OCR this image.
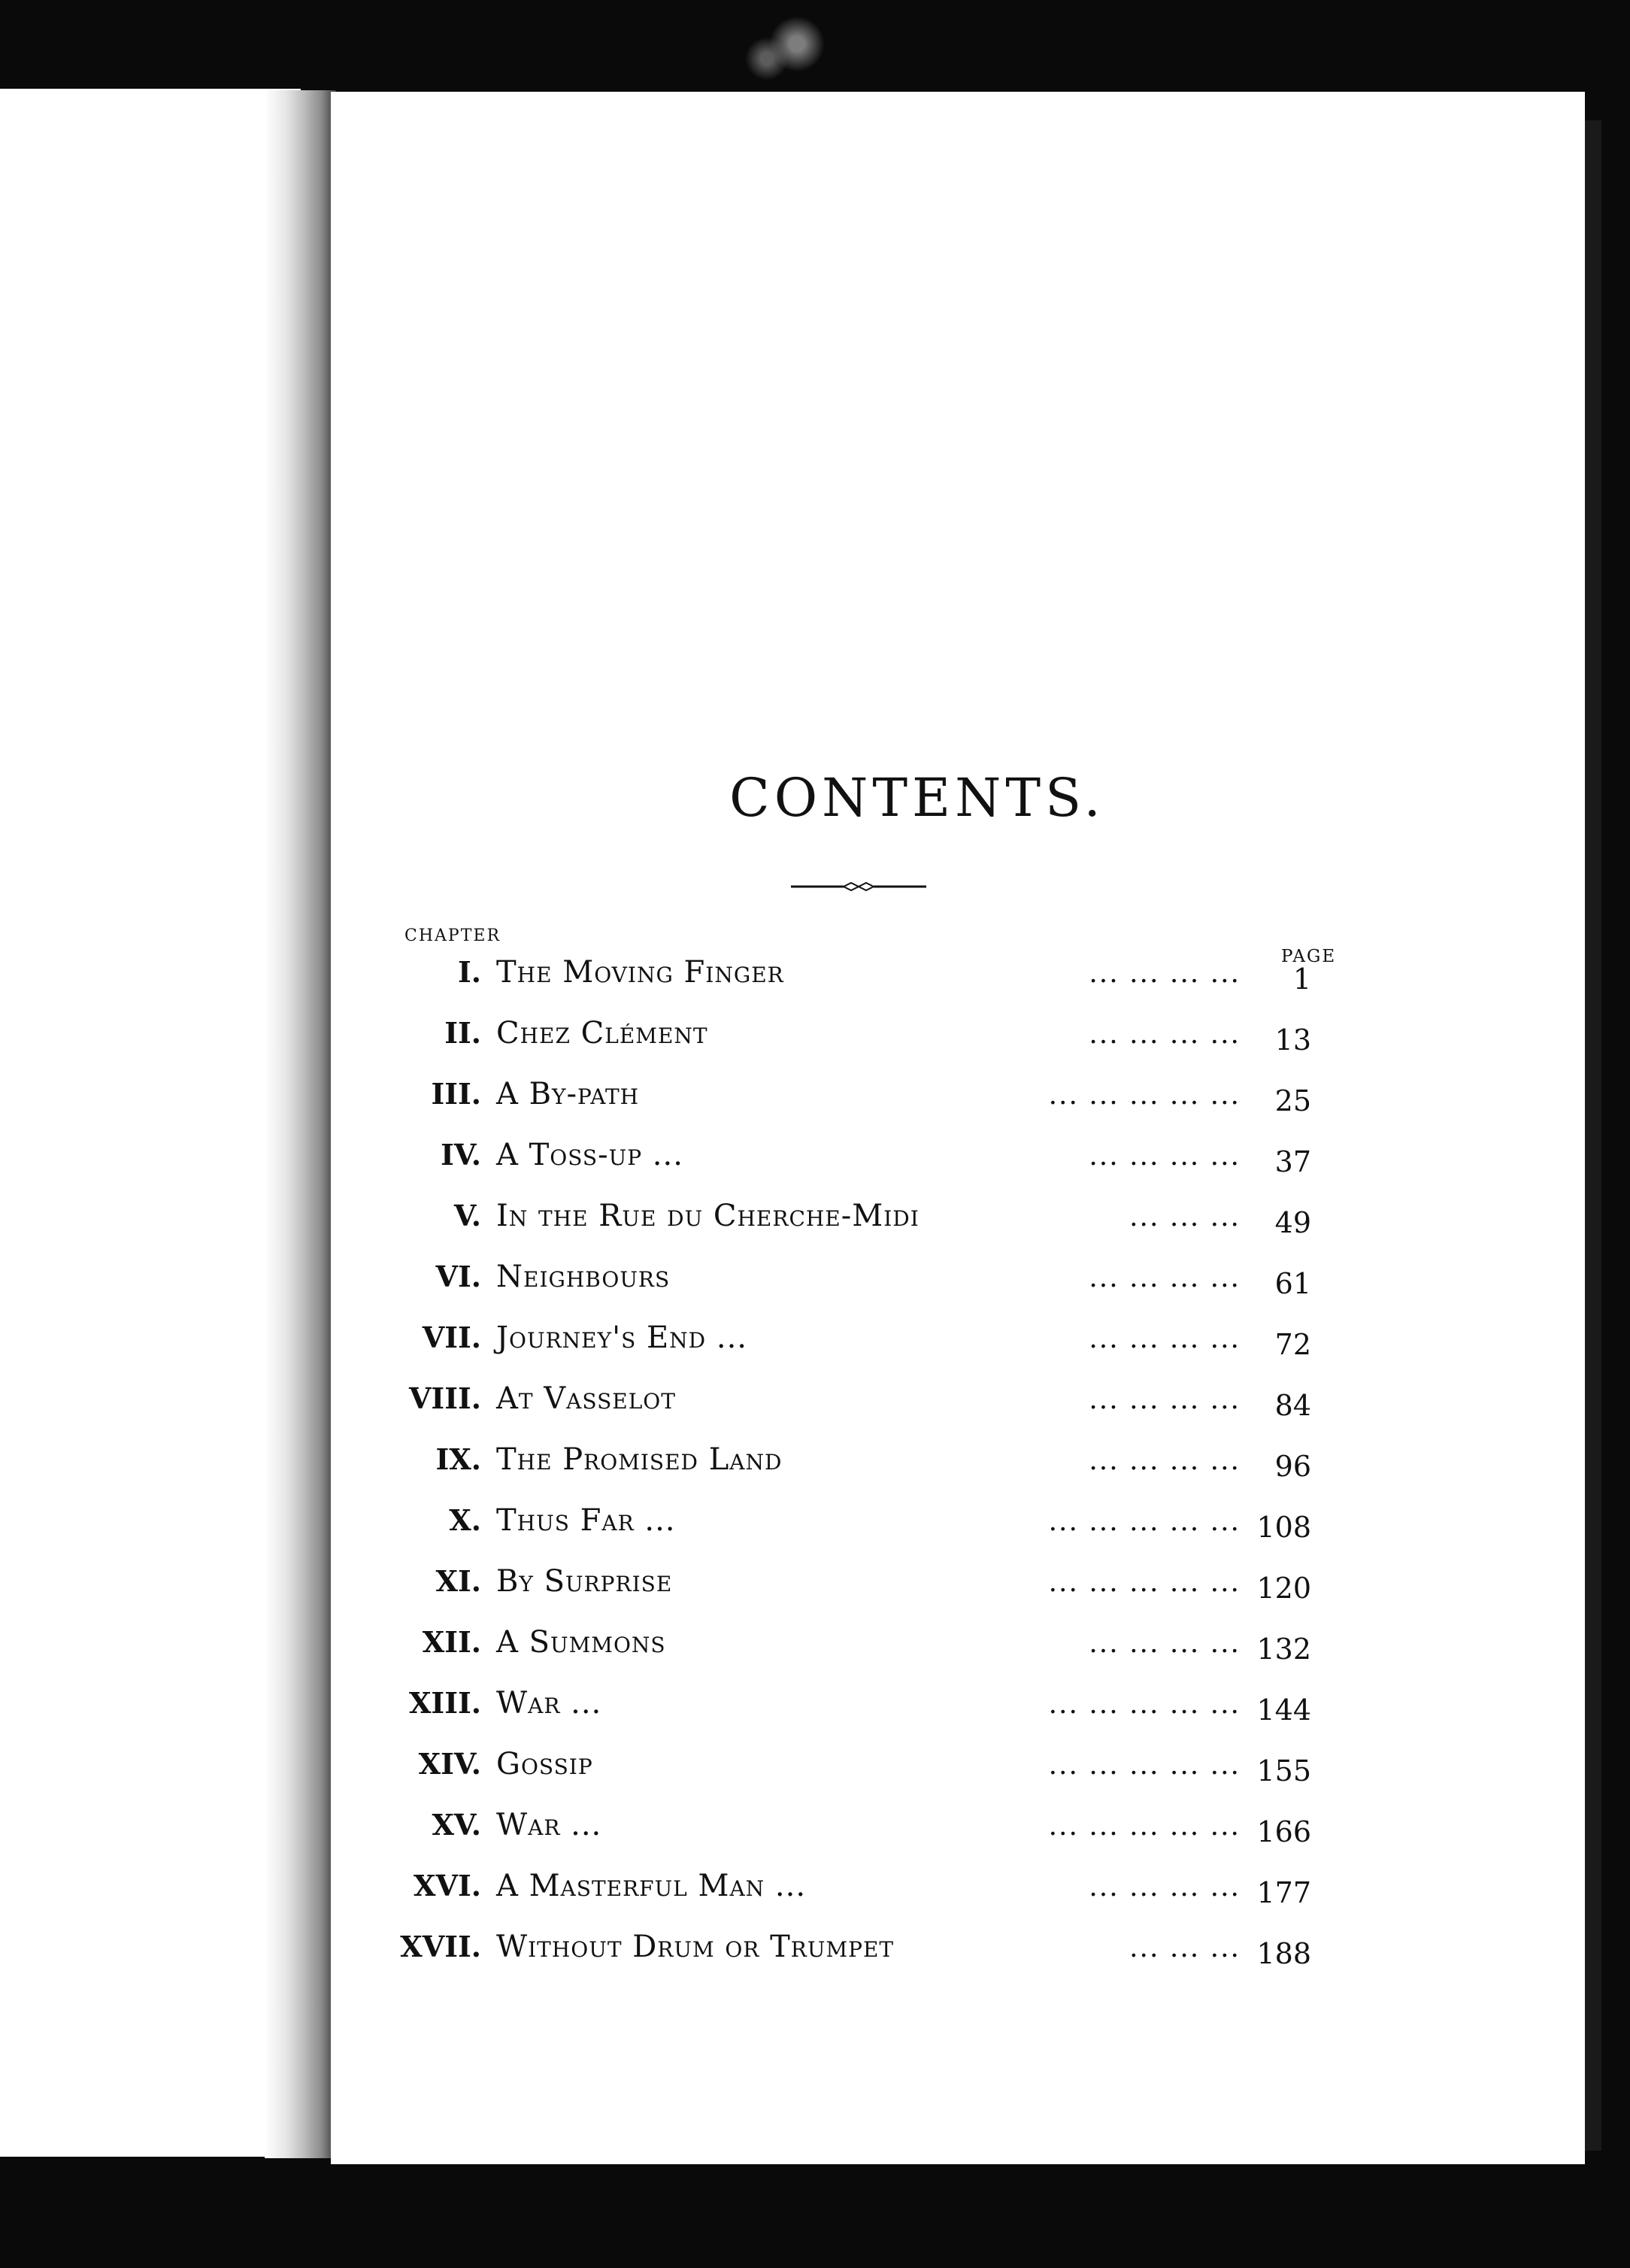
CONTENTS.
CHAPTER
PAGE
I. The Moving Finger	... ... ... ... 1
II. Chez Clément	... ... ... ... 13
III. A By-path	... ... ... ... ... 25
IV. A Toss-up ...	... ... ... ... 37
V. In the Rue du Cherche-Midi	... ... ... 49
VI. Neighbours	... ... ... ... 61
VII. Journey's End ...	... ... ... ... 72
VIII. At Vasselot	... ... ... ... 84
IX. The Promised Land	... ... ... ... 96
X. Thus Far ...	... ... ... ... ... 108
XI. By Surprise	... ... ... ... ... 120
XII. A Summons	... ... ... ... 132
XIII. War ...	... ... ... ... ... 144
XIV. Gossip	... ... ... ... ... 155
XV. War ...	... ... ... ... ... 166
XVI. A Masterful Man ...	... ... ... ... 177
XVII. Without Drum or Trumpet	... ... ... 188
